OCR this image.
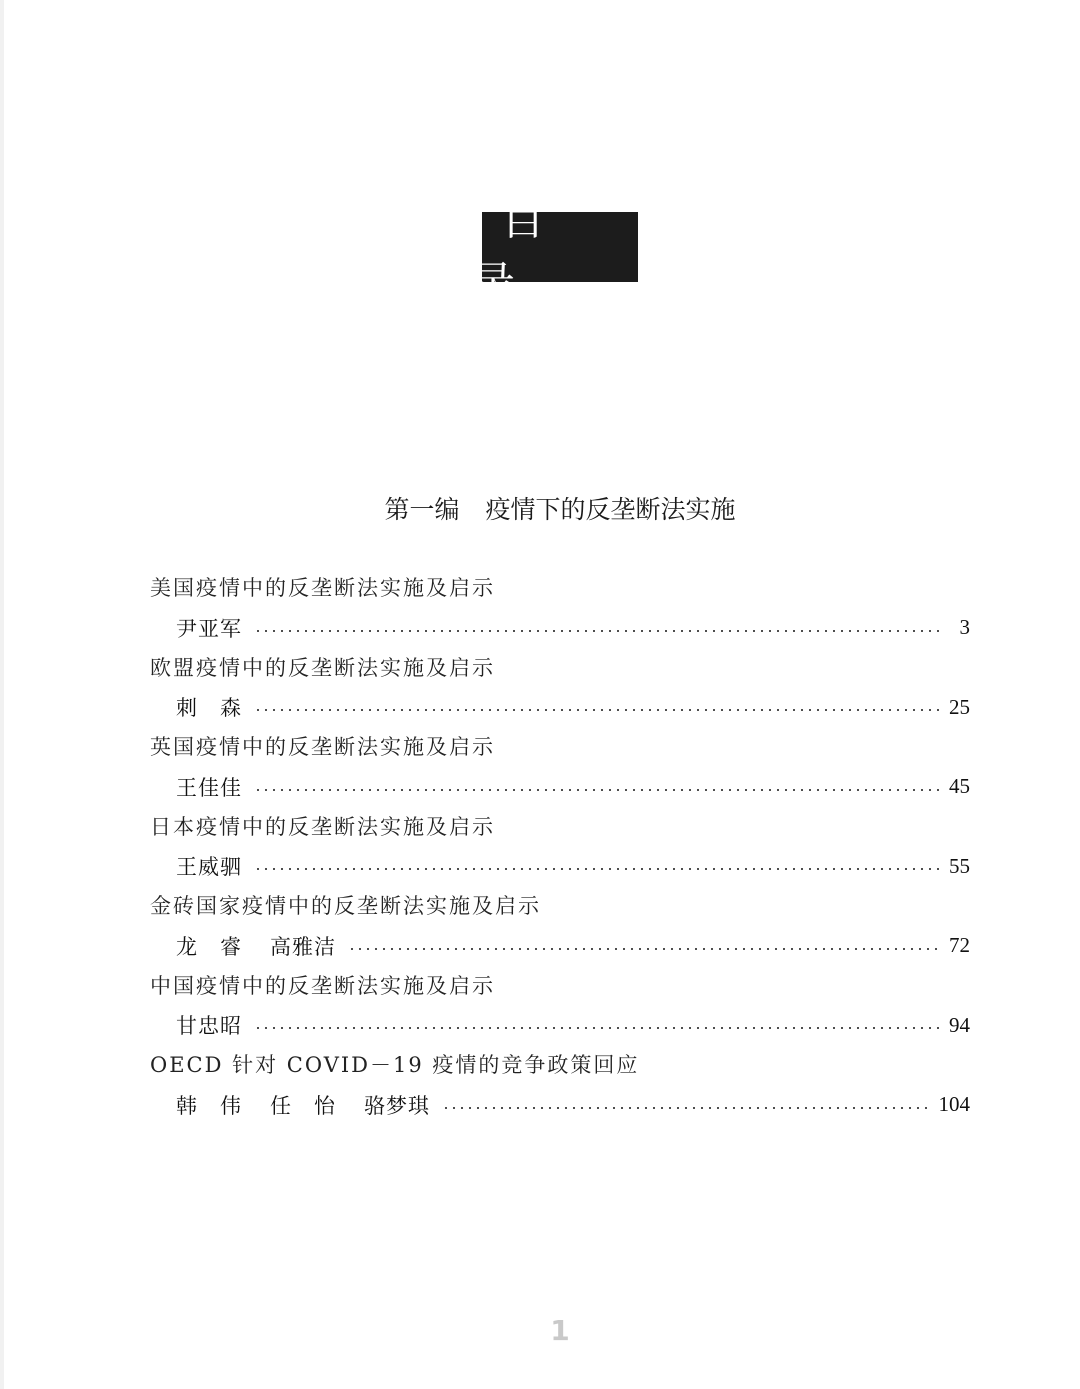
目　录
第一编 疫情下的反垄断法实施
美国疫情中的反垄断法实施及启示
尹亚军	3
欧盟疫情中的反垄断法实施及启示
刺　森	25
英国疫情中的反垄断法实施及启示
王佳佳	45
日本疫情中的反垄断法实施及启示
王威驷	55
金砖国家疫情中的反垄断法实施及启示
龙　睿 高雅洁	72
中国疫情中的反垄断法实施及启示
甘忠昭	94
OECD 针对 COVID－19 疫情的竞争政策回应
韩　伟 任　怡 骆梦琪	104
1
